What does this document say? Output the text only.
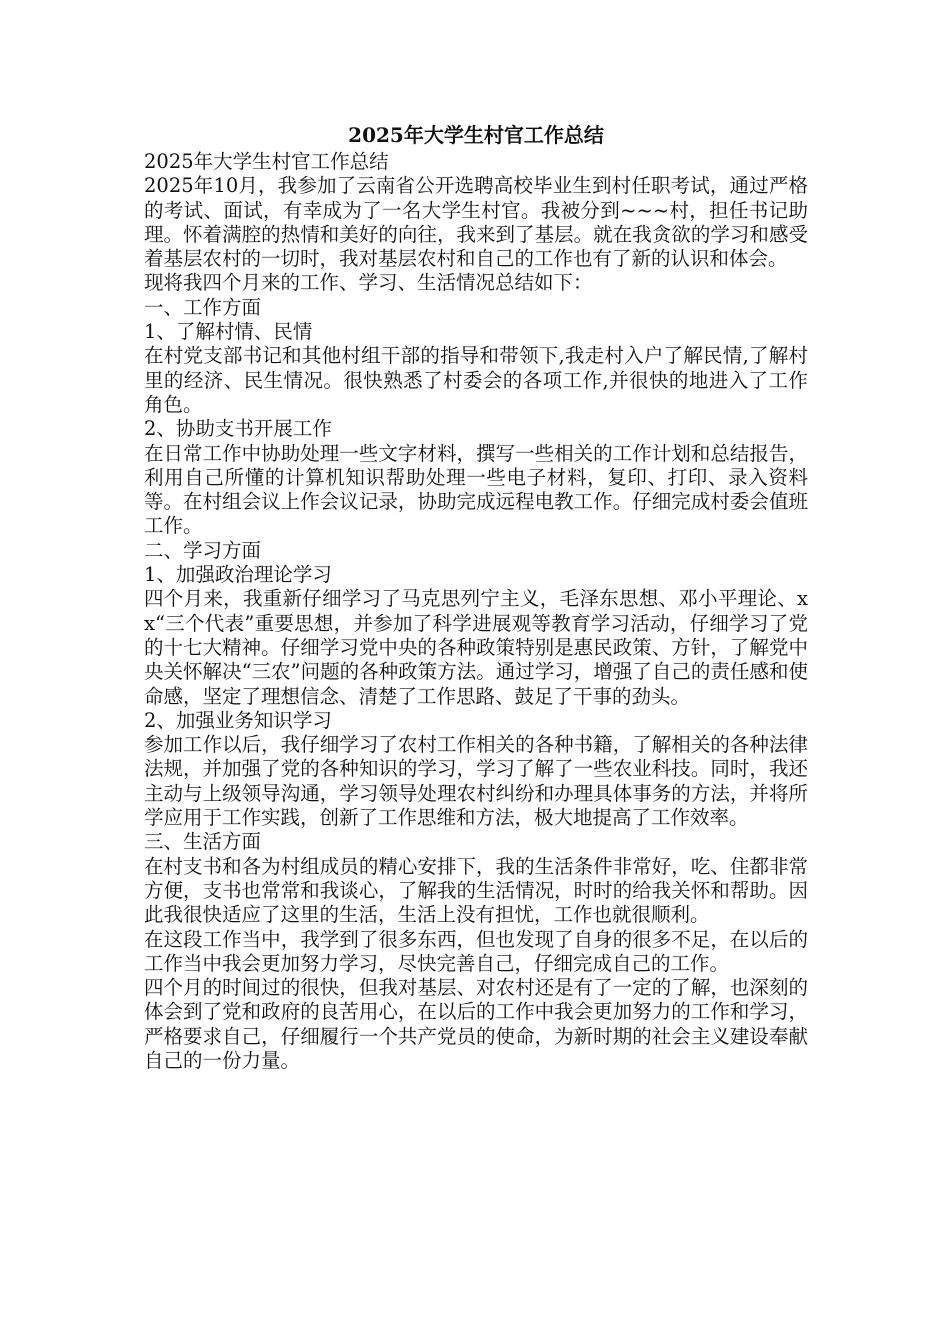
2025年大学生村官工作总结

2025年大学生村官工作总结

2025年10月，我参加了云南省公开选聘高校毕业生到村任职考试，通过严格的考试、面试，有幸成为了一名大学生村官。我被分到~~~村，担任书记助理。怀着满腔的热情和美好的向往，我来到了基层。就在我贪欲的学习和感受着基层农村的一切时，我对基层农村和自己的工作也有了新的认识和体会。

现将我四个月来的工作、学习、生活情况总结如下：

一、工作方面

1、了解村情、民情

在村党支部书记和其他村组干部的指导和带领下,我走村入户了解民情,了解村里的经济、民生情况。很快熟悉了村委会的各项工作,并很快的地进入了工作角色。

2、协助支书开展工作

在日常工作中协助处理一些文字材料，撰写一些相关的工作计划和总结报告，利用自己所懂的计算机知识帮助处理一些电子材料，复印、打印、录入资料等。在村组会议上作会议记录，协助完成远程电教工作。仔细完成村委会值班工作。

二、学习方面

1、加强政治理论学习

四个月来，我重新仔细学习了马克思列宁主义，毛泽东思想、邓小平理论、xx“三个代表”重要思想，并参加了科学进展观等教育学习活动，仔细学习了党的十七大精神。仔细学习党中央的各种政策特别是惠民政策、方针，了解党中央关怀解决“三农”问题的各种政策方法。通过学习，增强了自己的责任感和使命感，坚定了理想信念、清楚了工作思路、鼓足了干事的劲头。

2、加强业务知识学习

参加工作以后，我仔细学习了农村工作相关的各种书籍，了解相关的各种法律法规，并加强了党的各种知识的学习，学习了解了一些农业科技。同时，我还主动与上级领导沟通，学习领导处理农村纠纷和办理具体事务的方法，并将所学应用于工作实践，创新了工作思维和方法，极大地提高了工作效率。

三、生活方面

在村支书和各为村组成员的精心安排下，我的生活条件非常好，吃、住都非常方便，支书也常常和我谈心，了解我的生活情况，时时的给我关怀和帮助。因此我很快适应了这里的生活，生活上没有担忧，工作也就很顺利。

在这段工作当中，我学到了很多东西，但也发现了自身的很多不足，在以后的工作当中我会更加努力学习，尽快完善自己，仔细完成自己的工作。

四个月的时间过的很快，但我对基层、对农村还是有了一定的了解，也深刻的体会到了党和政府的良苦用心，在以后的工作中我会更加努力的工作和学习，严格要求自己，仔细履行一个共产党员的使命，为新时期的社会主义建设奉献自己的一份力量。
